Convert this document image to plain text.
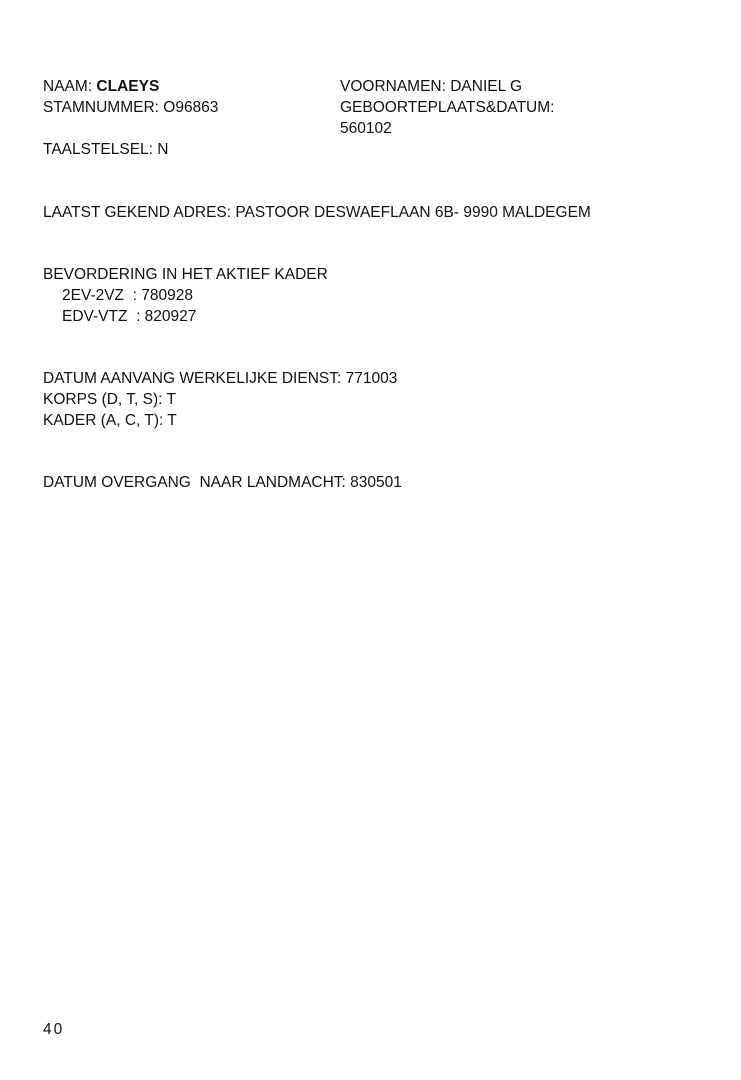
NAAM: CLAEYS
STAMNUMMER: O96863
VOORNAMEN: DANIEL G
GEBOORTEPLAATS&DATUM:
560102
TAALSTELSEL: N
LAATST GEKEND ADRES: PASTOOR DESWAEFLAAN 6B- 9990 MALDEGEM
BEVORDERING IN HET AKTIEF KADER
2EV-2VZ  : 780928
EDV-VTZ  : 820927
DATUM AANVANG WERKELIJKE DIENST: 771003
KORPS (D, T, S): T
KADER (A, C, T): T
DATUM OVERGANG  NAAR LANDMACHT: 830501
40
